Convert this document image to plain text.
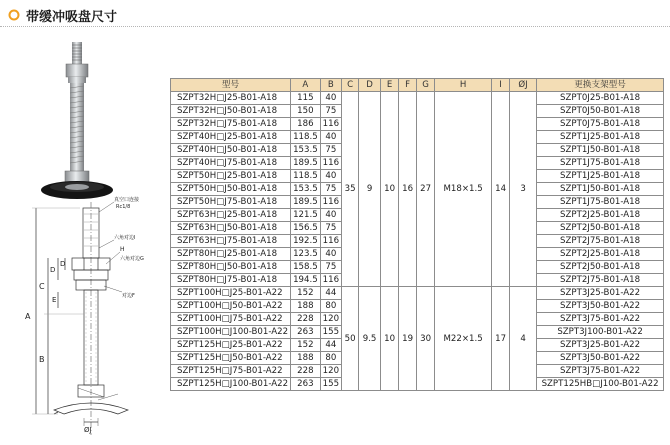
带缓冲吸盘尺寸
A
C
D
D
E
B
真空口连接
Rc1/8
六角对边I
H
六角对边G
对边F
ØJ
型号	A	B	C	D	E	F	G	H	I	ØJ	更换支架型号
SZPT32H□J25-B01-A18	115	40	35	9	10	16	27	M18×1.5	14	3	SZPT0J25-B01-A18
SZPT32H□J50-B01-A18	150	75									SZPT0J50-B01-A18
SZPT32H□J75-B01-A18	186	116									SZPT0J75-B01-A18
SZPT40H□J25-B01-A18	118.5	40									SZPT1J25-B01-A18
SZPT40H□J50-B01-A18	153.5	75									SZPT1J50-B01-A18
SZPT40H□J75-B01-A18	189.5	116									SZPT1J75-B01-A18
SZPT50H□J25-B01-A18	118.5	40									SZPT1J25-B01-A18
SZPT50H□J50-B01-A18	153.5	75									SZPT1J50-B01-A18
SZPT50H□J75-B01-A18	189.5	116									SZPT1J75-B01-A18
SZPT63H□J25-B01-A18	121.5	40									SZPT2J25-B01-A18
SZPT63H□J50-B01-A18	156.5	75									SZPT2J50-B01-A18
SZPT63H□J75-B01-A18	192.5	116									SZPT2J75-B01-A18
SZPT80H□J25-B01-A18	123.5	40									SZPT2J25-B01-A18
SZPT80H□J50-B01-A18	158.5	75									SZPT2J50-B01-A18
SZPT80H□J75-B01-A18	194.5	116									SZPT2J75-B01-A18
SZPT100H□J25-B01-A22	152	44	50	9.5	10	19	30	M22×1.5	17	4	SZPT3J25-B01-A22
SZPT100H□J50-B01-A22	188	80									SZPT3J50-B01-A22
SZPT100H□J75-B01-A22	228	120									SZPT3J75-B01-A22
SZPT100H□J100-B01-A22	263	155									SZPT3J100-B01-A22
SZPT125H□J25-B01-A22	152	44									SZPT3J25-B01-A22
SZPT125H□J50-B01-A22	188	80									SZPT3J50-B01-A22
SZPT125H□J75-B01-A22	228	120									SZPT3J75-B01-A22
SZPT125H□J100-B01-A22	263	155									SZPT125HB□J100-B01-A22
